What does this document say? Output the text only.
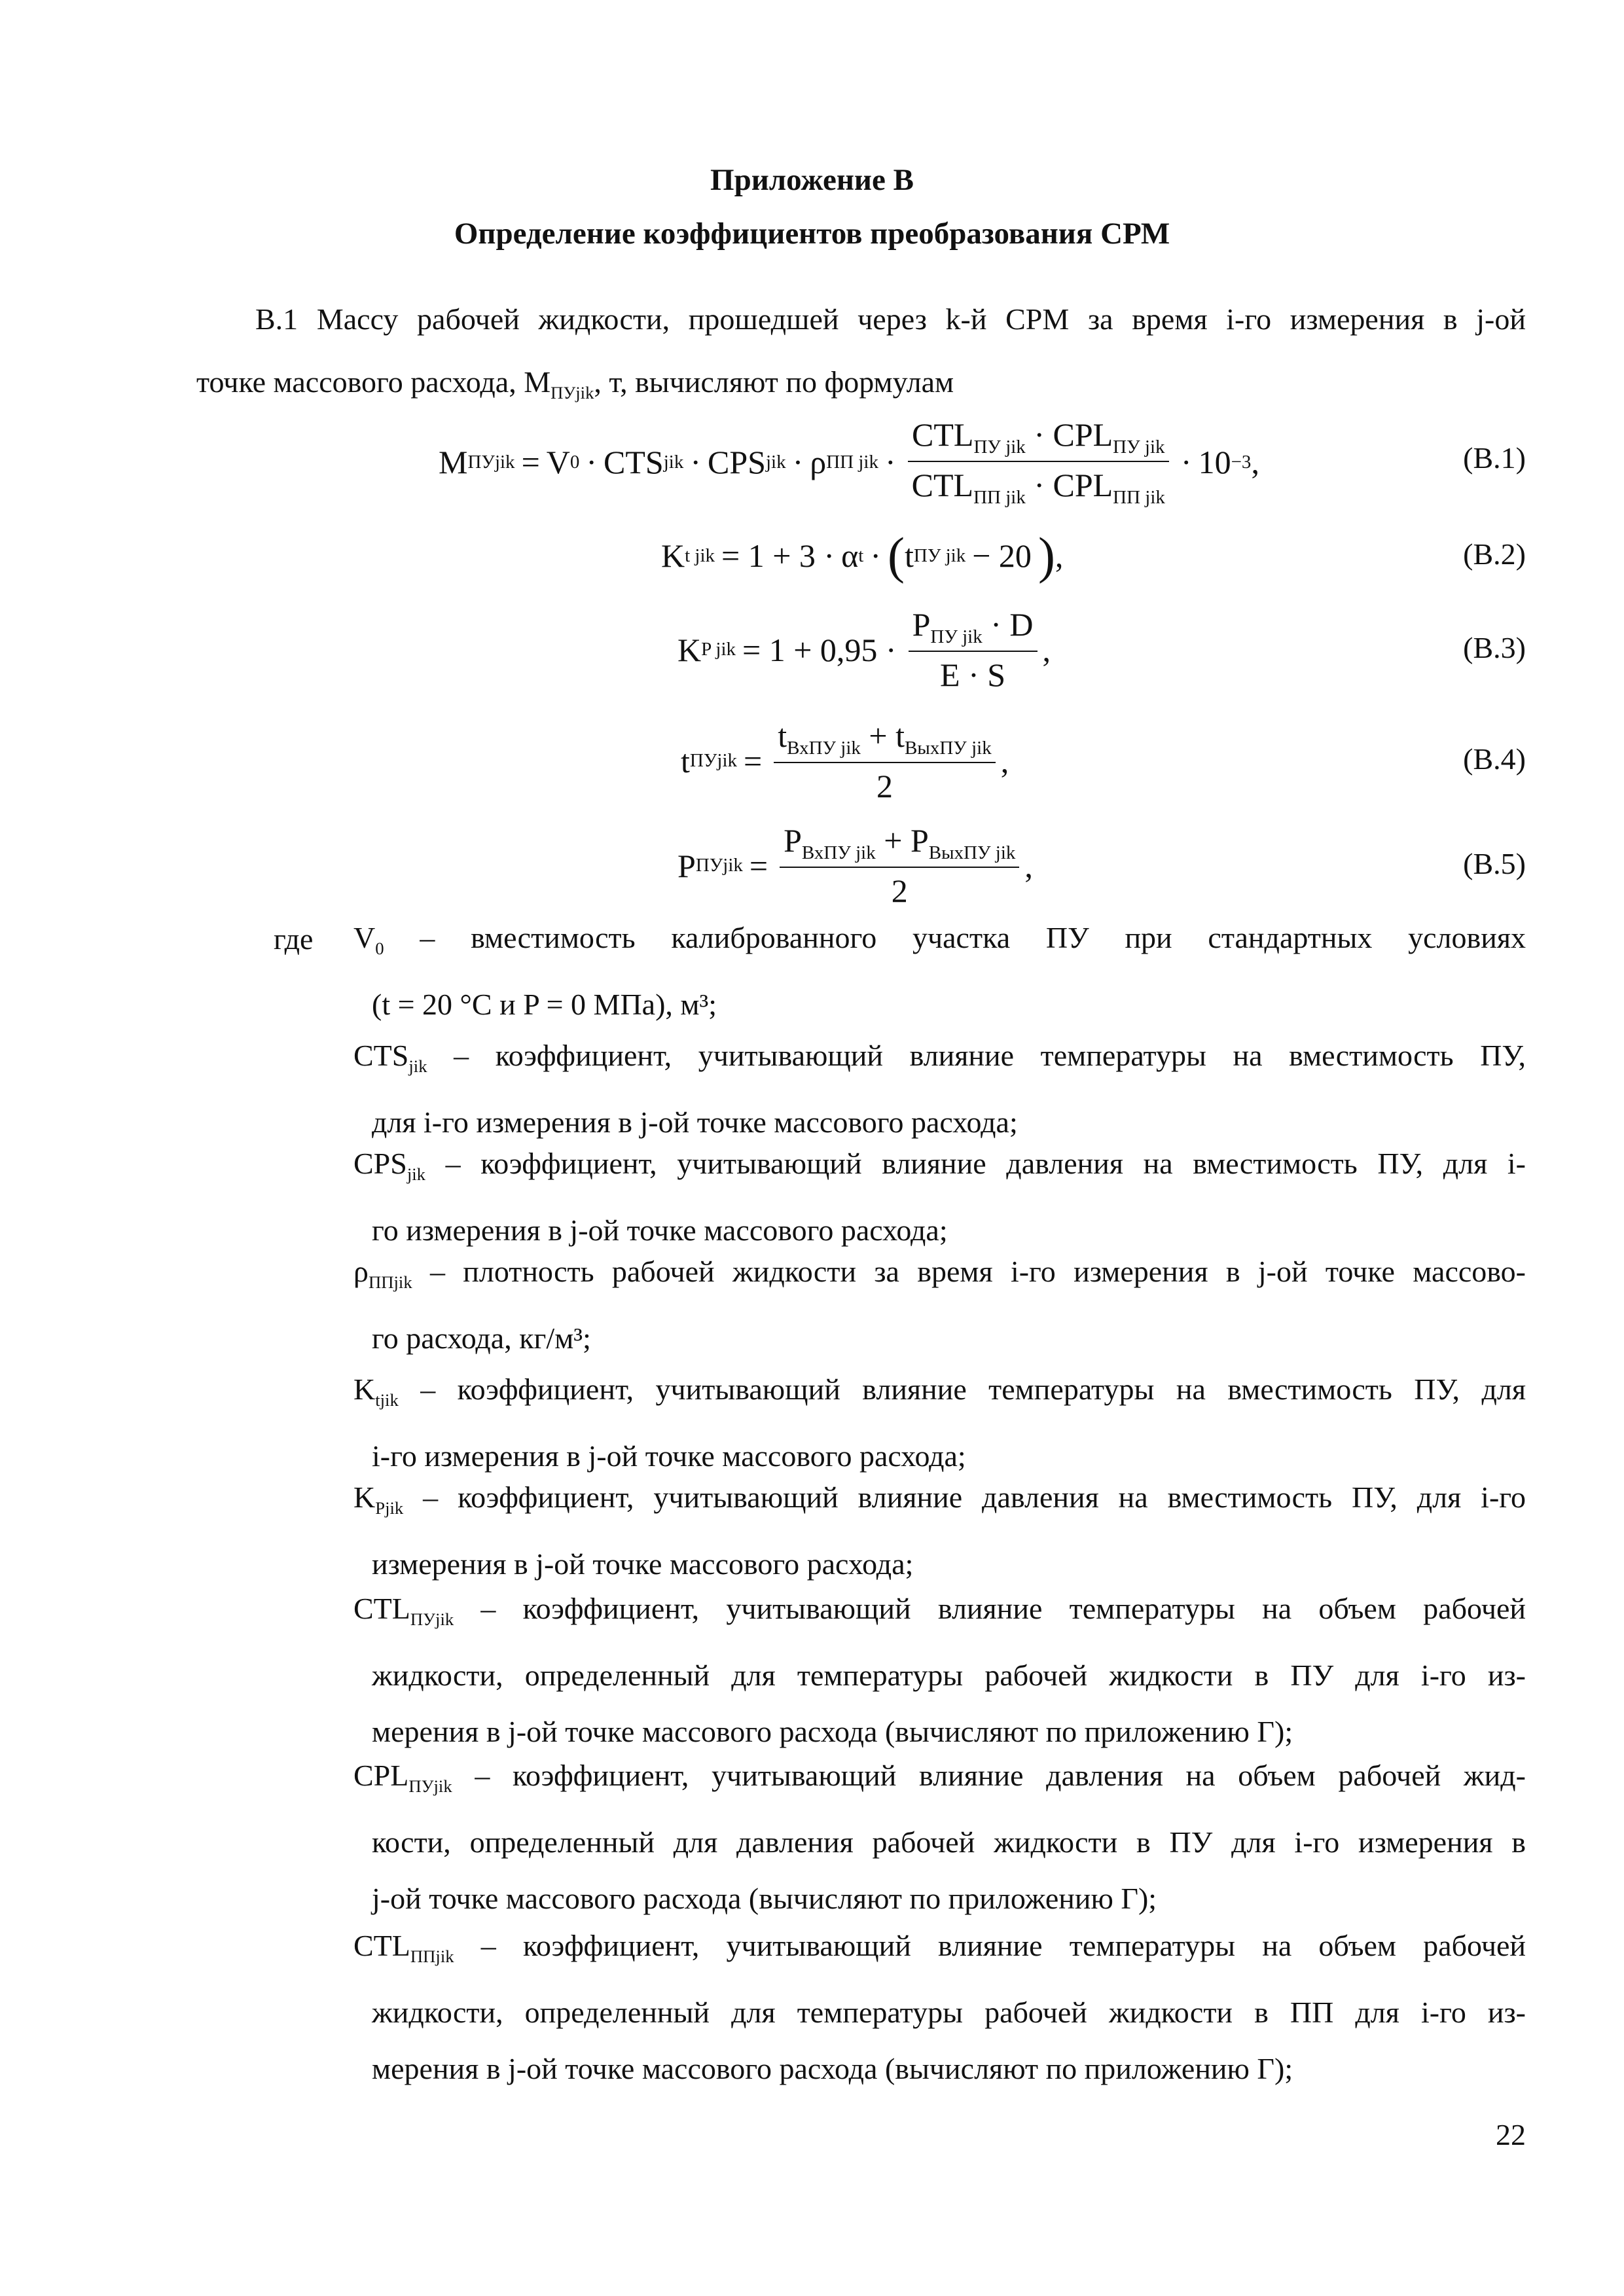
Приложение В
Определение коэффициентов преобразования СРМ
В.1 Массу рабочей жидкости, прошедшей через k-й СРМ за время i-го измерения в j-ой
точке массового расхода, $M_{ПУjik}$, т, вычисляют по формулам
M ПУjik = V 0 · CTS jik · CPS jik · ρ ПП jik · $\frac{CTL_{ПУ jik} \cdot CPL_{ПУ jik}}{CTL_{ПП jik} \cdot CPL_{ПП jik}} \cdot 10 -3$ ,	(В.1)
K t jik = 1 + 3 · α t · ( t ПУ jik − 20 ) ,	(В.2)
K P jik = $1 + 0,95 \cdot \frac{P_{ПУ jik} \cdot D}{E \cdot S}$ ,	(В.3)
t ПУjik = $\frac{t_{ВхПУ jik} + t_{ВыхПУ jik}}{2}$ ,	(В.4)
P ПУjik = $\frac{P_{ВхПУ jik} + P_{ВыхПУ jik}}{2}$ ,	(В.5)
где $V_0$ – вместимость калиброванного участка ПУ при стандартных условиях
(t = 20 °С и P = 0 МПа), м³;
$CTS_{jik}$ – коэффициент, учитывающий влияние температуры на вместимость ПУ,
для i-го измерения в j-ой точке массового расхода;
$CPS_{jik}$ – коэффициент, учитывающий влияние давления на вместимость ПУ, для i-
го измерения в j-ой точке массового расхода;
$\rho_{ППjik}$ – плотность рабочей жидкости за время i-го измерения в j-ой точке массово-
го расхода, кг/м³;
$K_{tjik}$ – коэффициент, учитывающий влияние температуры на вместимость ПУ, для
i-го измерения в j-ой точке массового расхода;
$K_{Pjik}$ – коэффициент, учитывающий влияние давления на вместимость ПУ, для i-го
измерения в j-ой точке массового расхода;
$CTL_{ПУjik}$ – коэффициент, учитывающий влияние температуры на объем рабочей
жидкости, определенный для температуры рабочей жидкости в ПУ для i-го из-
мерения в j-ой точке массового расхода (вычисляют по приложению Г);
$CPL_{ПУjik}$ – коэффициент, учитывающий влияние давления на объем рабочей жид-
кости, определенный для давления рабочей жидкости в ПУ для i-го измерения в
j-ой точке массового расхода (вычисляют по приложению Г);
$CTL_{ППjik}$ – коэффициент, учитывающий влияние температуры на объем рабочей
жидкости, определенный для температуры рабочей жидкости в ПП для i-го из-
мерения в j-ой точке массового расхода (вычисляют по приложению Г);
22
